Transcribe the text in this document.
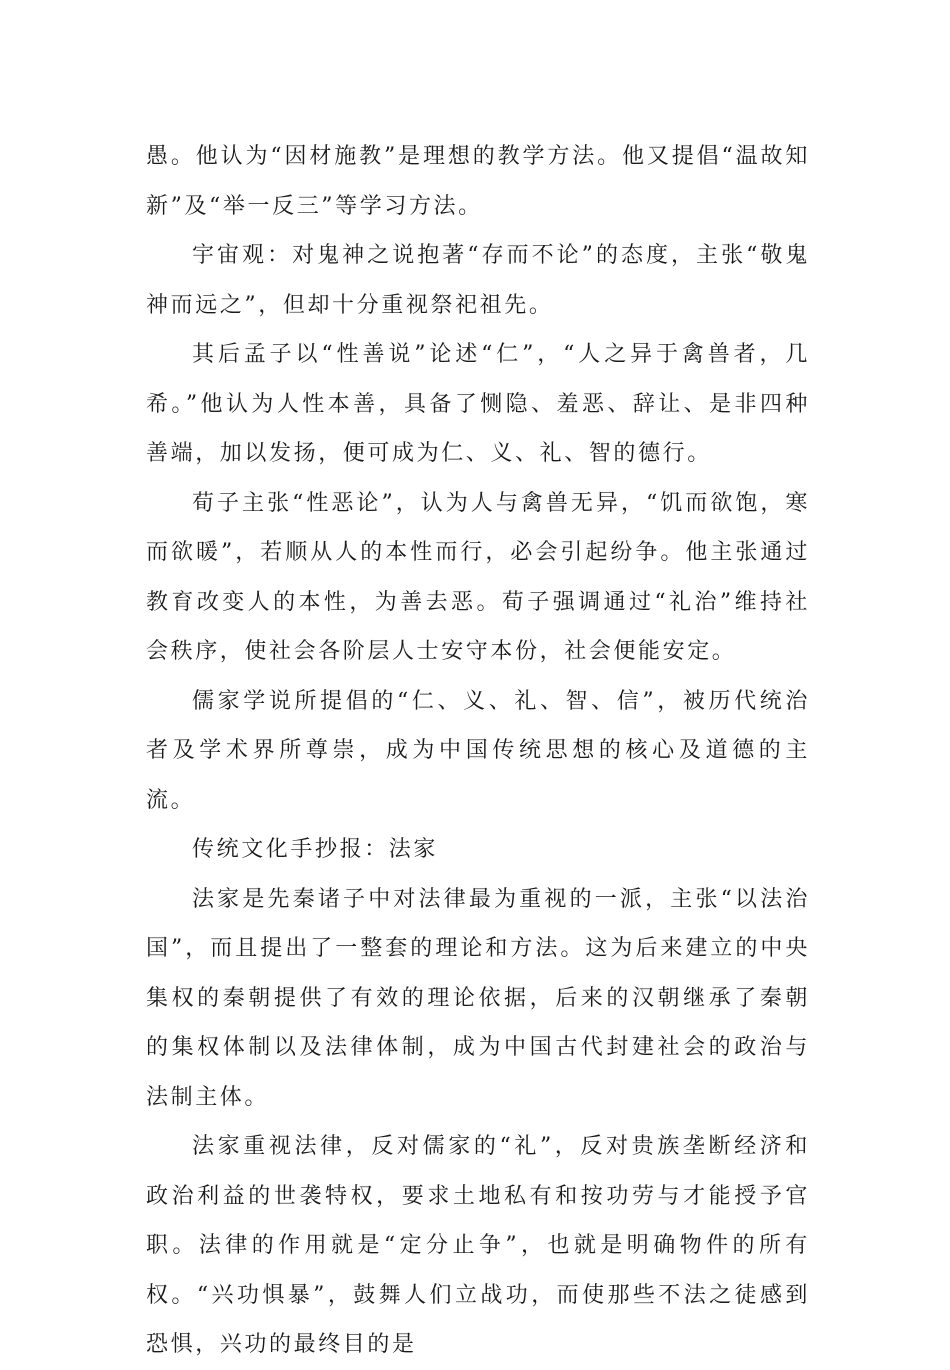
愚。他认为“因材施教”是理想的教学方法。他又提倡“温故知新”及“举一反三”等学习方法。

宇宙观：对鬼神之说抱著“存而不论”的态度，主张“敬鬼神而远之”，但却十分重视祭祀祖先。

其后孟子以“性善说”论述“仁”，“人之异于禽兽者，几希。”他认为人性本善，具备了恻隐、羞恶、辞让、是非四种善端，加以发扬，便可成为仁、义、礼、智的德行。

荀子主张“性恶论”，认为人与禽兽无异，“饥而欲饱，寒而欲暖”，若顺从人的本性而行，必会引起纷争。他主张通过教育改变人的本性，为善去恶。荀子强调通过“礼治”维持社会秩序，使社会各阶层人士安守本份，社会便能安定。

儒家学说所提倡的“仁、义、礼、智、信”，被历代统治者及学术界所尊崇，成为中国传统思想的核心及道德的主流。

传统文化手抄报：法家

法家是先秦诸子中对法律最为重视的一派，主张“以法治国”，而且提出了一整套的理论和方法。这为后来建立的中央集权的秦朝提供了有效的理论依据，后来的汉朝继承了秦朝的集权体制以及法律体制，成为中国古代封建社会的政治与法制主体。

法家重视法律，反对儒家的“礼”，反对贵族垄断经济和政治利益的世袭特权，要求土地私有和按功劳与才能授予官职。法律的作用就是“定分止争”，也就是明确物件的所有权。“兴功惧暴”，鼓舞人们立战功，而使那些不法之徒感到恐惧，兴功的最终目的是
